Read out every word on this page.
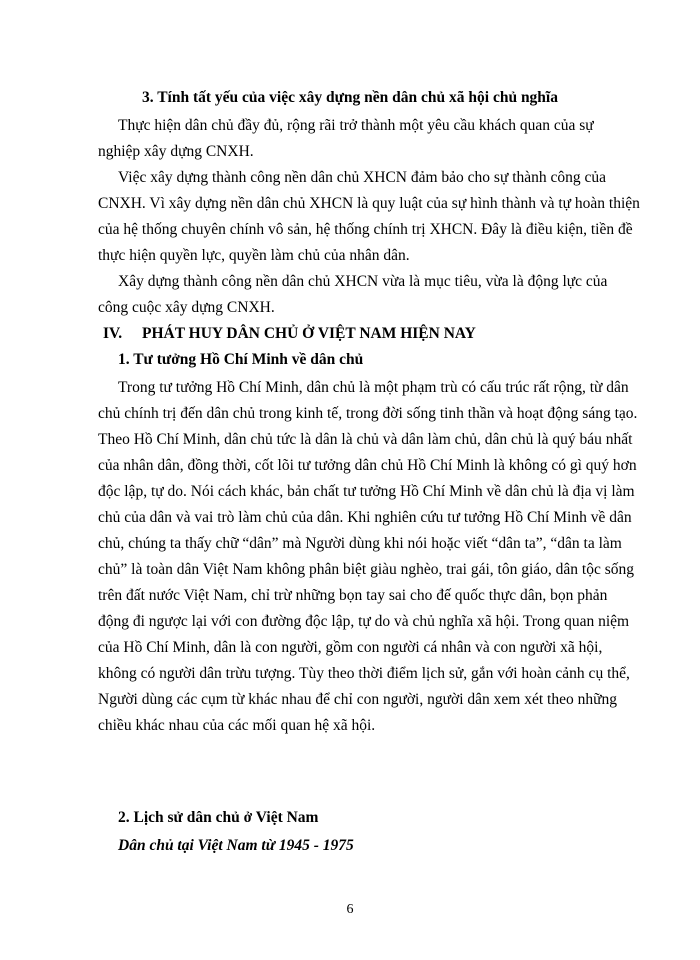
3. Tính tất yếu của việc xây dựng nền dân chủ xã hội chủ nghĩa
Thực hiện dân chủ đầy đủ, rộng rãi trở thành một yêu cầu khách quan của sự
nghiệp xây dựng CNXH.
Việc xây dựng thành công nền dân chủ XHCN đảm bảo cho sự thành công của
CNXH. Vì xây dựng nền dân chủ XHCN là quy luật của sự hình thành và tự hoàn thiện
của hệ thống chuyên chính vô sản, hệ thống chính trị XHCN. Đây là điều kiện, tiền đề
thực hiện quyền lực, quyền làm chủ của nhân dân.
Xây dựng thành công nền dân chủ XHCN vừa là mục tiêu, vừa là động lực của
công cuộc xây dựng CNXH.
IV. PHÁT HUY DÂN CHỦ Ở VIỆT NAM HIỆN NAY
1. Tư tưởng Hồ Chí Minh về dân chủ
Trong tư tưởng Hồ Chí Minh, dân chủ là một phạm trù có cấu trúc rất rộng, từ dân
chủ chính trị đến dân chủ trong kinh tế, trong đời sống tinh thần và hoạt động sáng tạo.
Theo Hồ Chí Minh, dân chủ tức là dân là chủ và dân làm chủ, dân chủ là quý báu nhất
của nhân dân, đồng thời, cốt lõi tư tưởng dân chủ Hồ Chí Minh là không có gì quý hơn
độc lập, tự do. Nói cách khác, bản chất tư tưởng Hồ Chí Minh về dân chủ là địa vị làm
chủ của dân và vai trò làm chủ của dân. Khi nghiên cứu tư tưởng Hồ Chí Minh về dân
chủ, chúng ta thấy chữ “dân” mà Người dùng khi nói hoặc viết “dân ta”, “dân ta làm
chủ” là toàn dân Việt Nam không phân biệt giàu nghèo, trai gái, tôn giáo, dân tộc sống
trên đất nước Việt Nam, chỉ trừ những bọn tay sai cho đế quốc thực dân, bọn phản
động đi ngược lại với con đường độc lập, tự do và chủ nghĩa xã hội. Trong quan niệm
của Hồ Chí Minh, dân là con người, gồm con người cá nhân và con người xã hội,
không có người dân trừu tượng. Tùy theo thời điểm lịch sử, gắn với hoàn cảnh cụ thể,
Người dùng các cụm từ khác nhau để chỉ con người, người dân xem xét theo những
chiều khác nhau của các mối quan hệ xã hội.
2. Lịch sử dân chủ ở Việt Nam
Dân chủ tại Việt Nam từ 1945 - 1975
6
